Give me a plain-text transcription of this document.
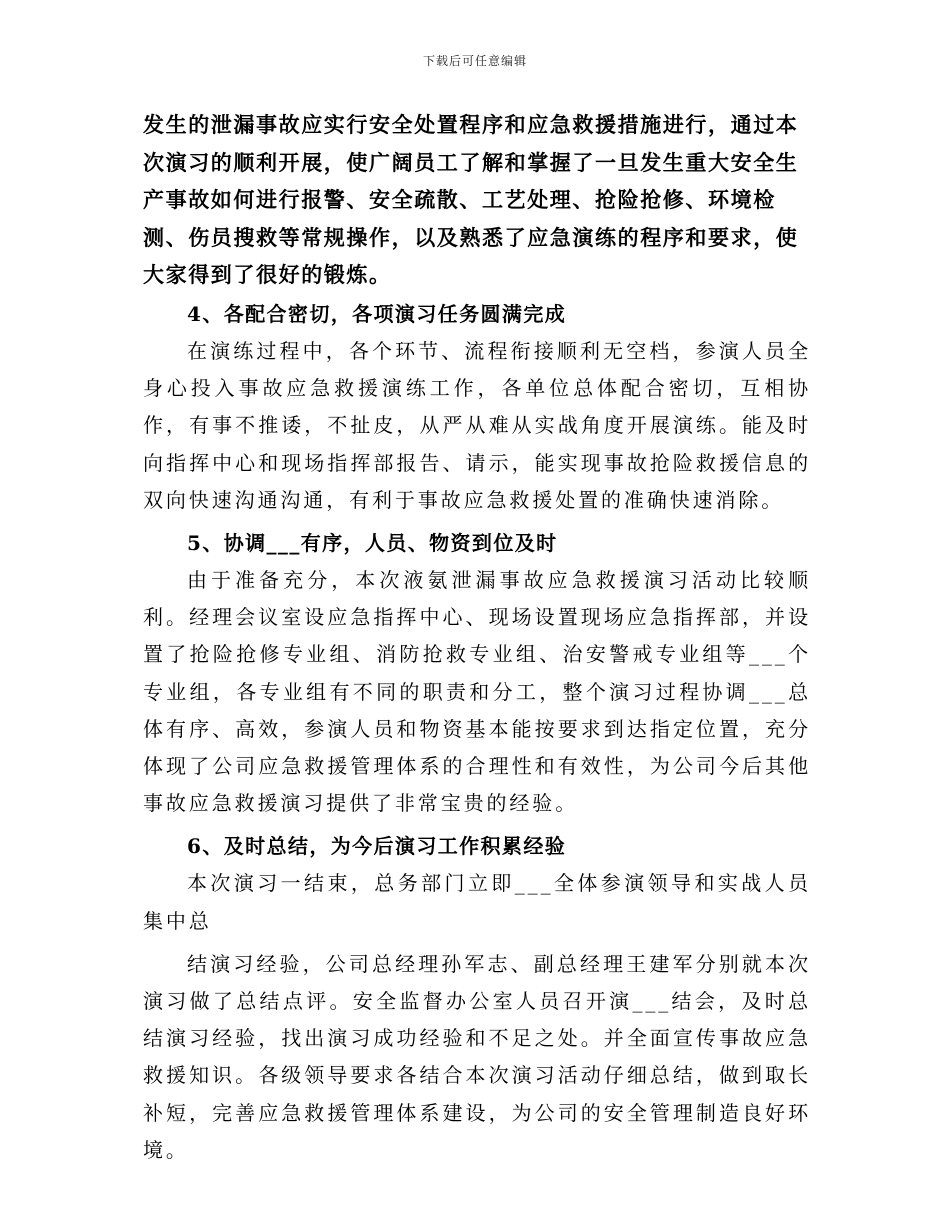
下载后可任意编辑
发生的泄漏事故应实行安全处置程序和应急救援措施进行，通过本次演习的顺利开展，使广阔员工了解和掌握了一旦发生重大安全生产事故如何进行报警、安全疏散、工艺处理、抢险抢修、环境检测、伤员搜救等常规操作，以及熟悉了应急演练的程序和要求，使大家得到了很好的锻炼。
4、各配合密切，各项演习任务圆满完成
在演练过程中，各个环节、流程衔接顺利无空档，参演人员全身心投入事故应急救援演练工作，各单位总体配合密切，互相协作，有事不推诿，不扯皮，从严从难从实战角度开展演练。能及时向指挥中心和现场指挥部报告、请示，能实现事故抢险救援信息的双向快速沟通沟通，有利于事故应急救援处置的准确快速消除。
5、协调___有序，人员、物资到位及时
由于准备充分，本次液氨泄漏事故应急救援演习活动比较顺利。经理会议室设应急指挥中心、现场设置现场应急指挥部，并设置了抢险抢修专业组、消防抢救专业组、治安警戒专业组等___个专业组，各专业组有不同的职责和分工，整个演习过程协调___总体有序、高效，参演人员和物资基本能按要求到达指定位置，充分体现了公司应急救援管理体系的合理性和有效性，为公司今后其他事故应急救援演习提供了非常宝贵的经验。
6、及时总结，为今后演习工作积累经验
本次演习一结束，总务部门立即___全体参演领导和实战人员集中总
结演习经验，公司总经理孙军志、副总经理王建军分别就本次演习做了总结点评。安全监督办公室人员召开演___结会，及时总结演习经验，找出演习成功经验和不足之处。并全面宣传事故应急救援知识。各级领导要求各结合本次演习活动仔细总结，做到取长补短，完善应急救援管理体系建设，为公司的安全管理制造良好环境。
